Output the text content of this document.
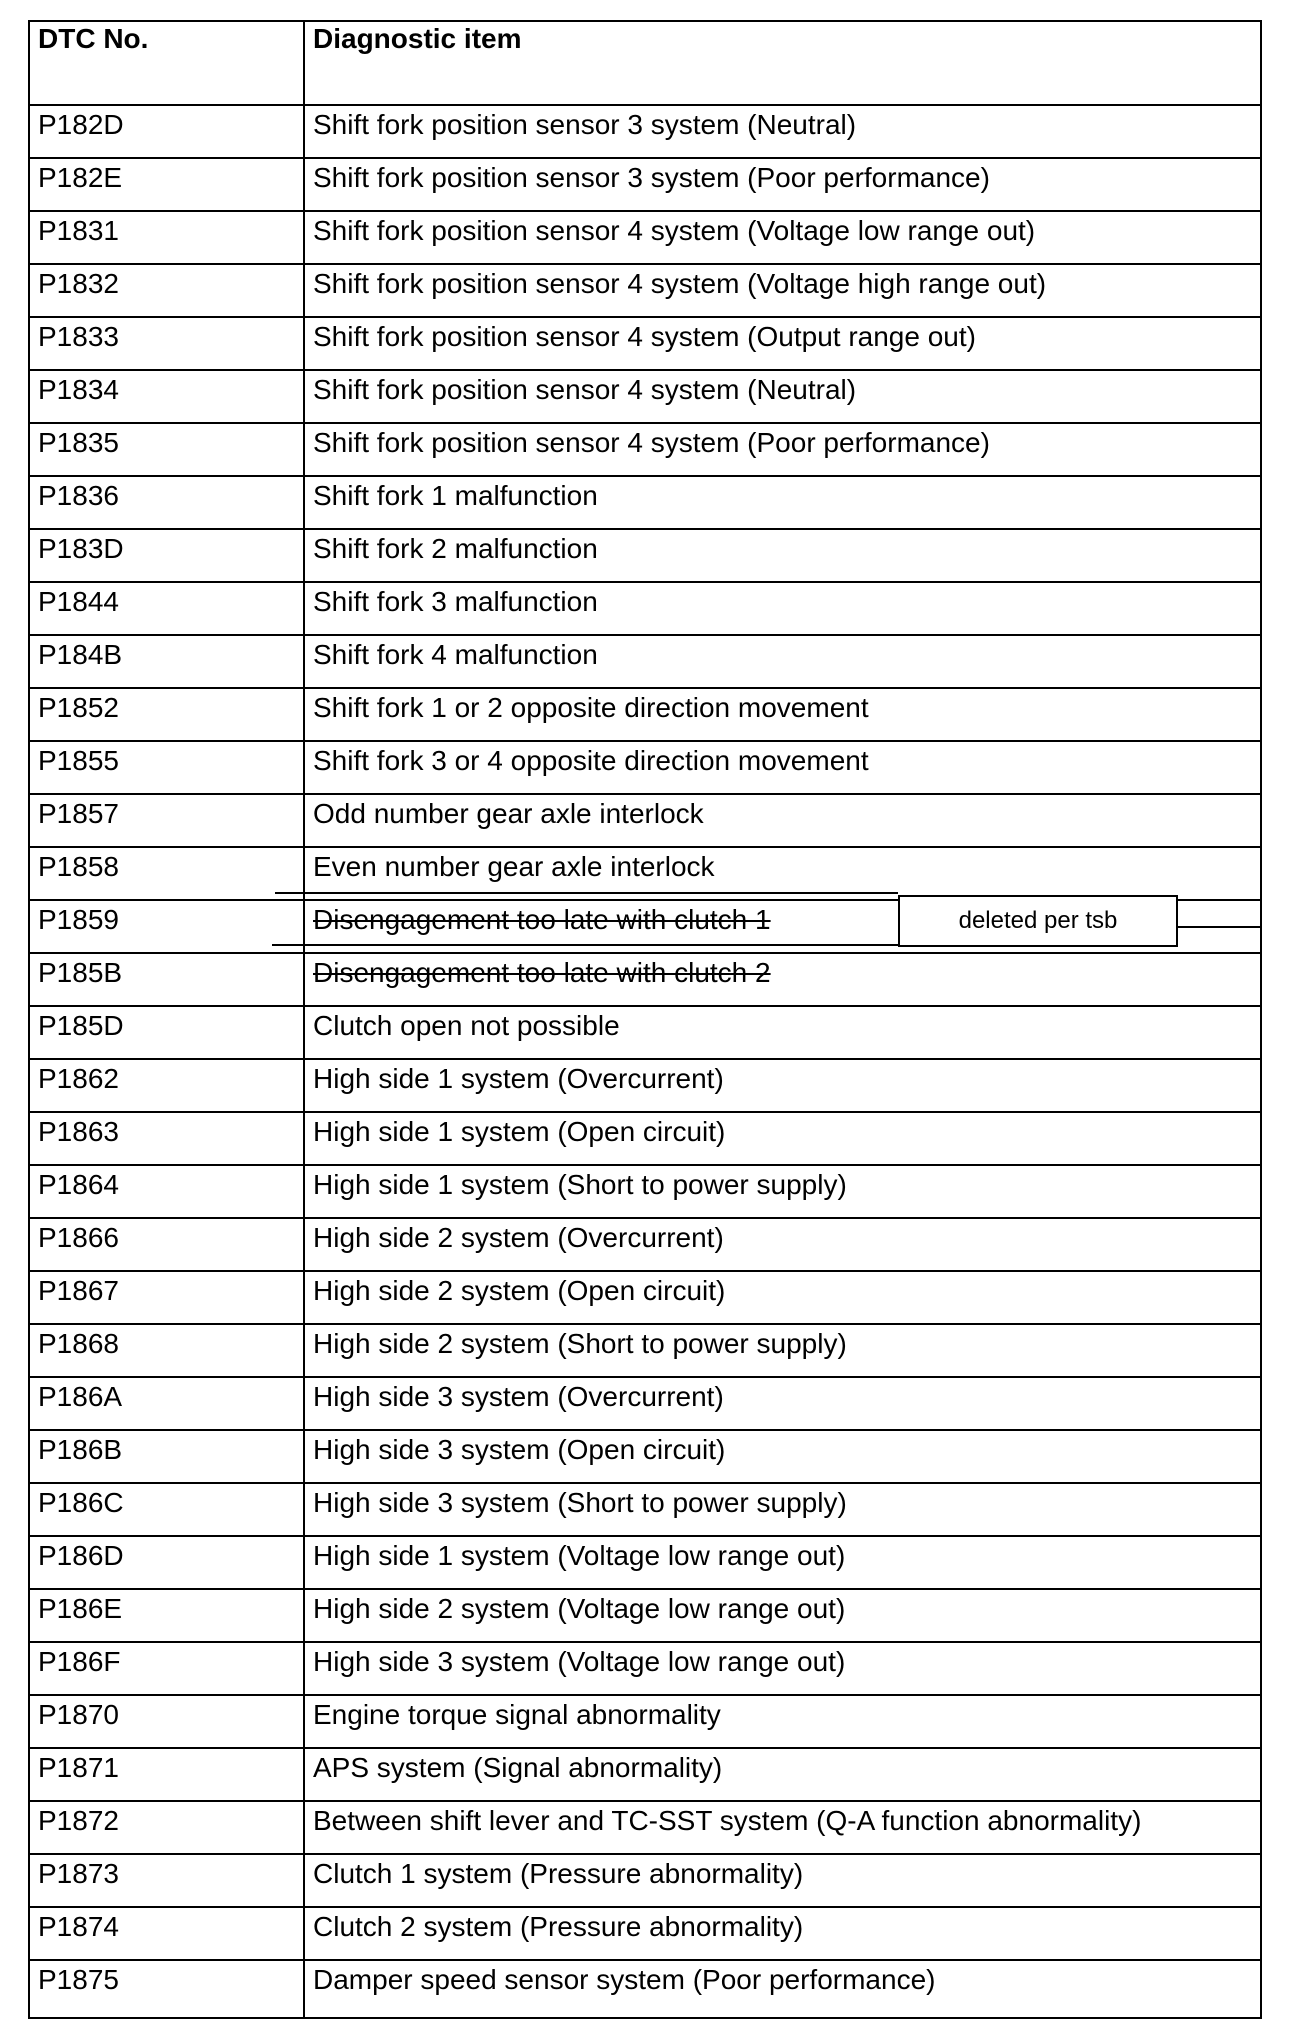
DTC No.	Diagnostic item
P182D	Shift fork position sensor 3 system (Neutral)
P182E	Shift fork position sensor 3 system (Poor performance)
P1831	Shift fork position sensor 4 system (Voltage low range out)
P1832	Shift fork position sensor 4 system (Voltage high range out)
P1833	Shift fork position sensor 4 system (Output range out)
P1834	Shift fork position sensor 4 system (Neutral)
P1835	Shift fork position sensor 4 system (Poor performance)
P1836	Shift fork 1 malfunction
P183D	Shift fork 2 malfunction
P1844	Shift fork 3 malfunction
P184B	Shift fork 4 malfunction
P1852	Shift fork 1 or 2 opposite direction movement
P1855	Shift fork 3 or 4 opposite direction movement
P1857	Odd number gear axle interlock
P1858	Even number gear axle interlock
P1859	Disengagement too late with clutch 1
P185B	Disengagement too late with clutch 2
P185D	Clutch open not possible
P1862	High side 1 system (Overcurrent)
P1863	High side 1 system (Open circuit)
P1864	High side 1 system (Short to power supply)
P1866	High side 2 system (Overcurrent)
P1867	High side 2 system (Open circuit)
P1868	High side 2 system (Short to power supply)
P186A	High side 3 system (Overcurrent)
P186B	High side 3 system (Open circuit)
P186C	High side 3 system (Short to power supply)
P186D	High side 1 system (Voltage low range out)
P186E	High side 2 system (Voltage low range out)
P186F	High side 3 system (Voltage low range out)
P1870	Engine torque signal abnormality
P1871	APS system (Signal abnormality)
P1872	Between shift lever and TC-SST system (Q-A function abnormality)
P1873	Clutch 1 system (Pressure abnormality)
P1874	Clutch 2 system (Pressure abnormality)
P1875	Damper speed sensor system (Poor performance)
deleted per tsb
